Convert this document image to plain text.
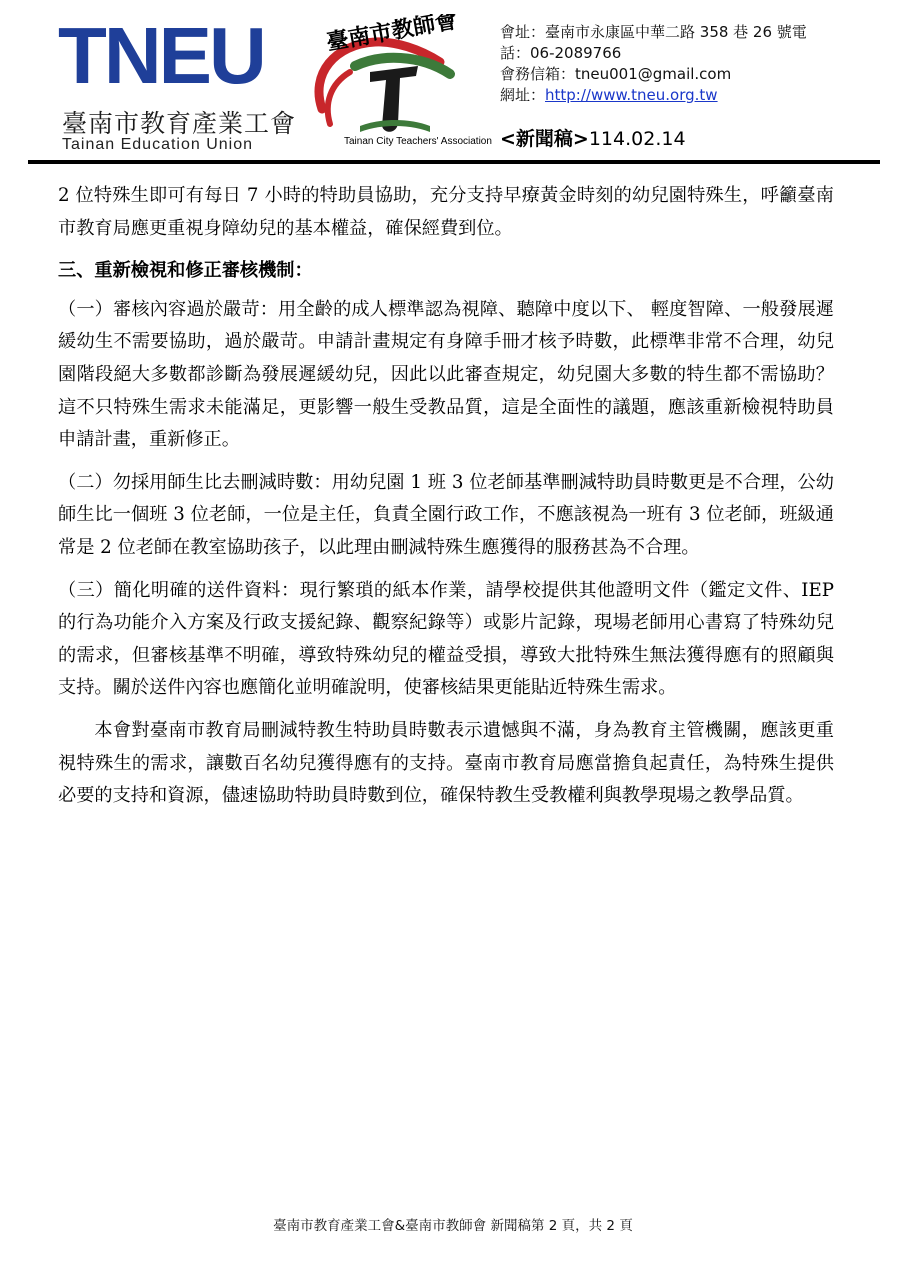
TNEU
臺南市教育產業工會
Tainan Education Union
臺南市教師會
Tainan City Teachers' Association
會址：臺南市永康區中華二路 358 巷 26 號電
話：06-2089766
會務信箱：tneu001@gmail.com
網址：http://www.tneu.org.tw
<新聞稿>114.02.14

2 位特殊生即可有每日 7 小時的特助員協助，充分支持早療黃金時刻的幼兒園特殊生，呼籲臺南市教育局應更重視身障幼兒的基本權益，確保經費到位。

三、重新檢視和修正審核機制：

（一）審核內容過於嚴苛：用全齡的成人標準認為視障、聽障中度以下、 輕度智障、一般發展遲緩幼生不需要協助，過於嚴苛。申請計畫規定有身障手冊才核予時數，此標準非常不合理，幼兒園階段絕大多數都診斷為發展遲緩幼兒，因此以此審查規定，幼兒園大多數的特生都不需協助？這不只特殊生需求未能滿足，更影響一般生受教品質，這是全面性的議題，應該重新檢視特助員申請計畫，重新修正。

（二）勿採用師生比去刪減時數：用幼兒園 1 班 3 位老師基準刪減特助員時數更是不合理，公幼師生比一個班 3 位老師，一位是主任，負責全園行政工作，不應該視為一班有 3 位老師，班級通常是 2 位老師在教室協助孩子，以此理由刪減特殊生應獲得的服務甚為不合理。

（三）簡化明確的送件資料：現行繁瑣的紙本作業，請學校提供其他證明文件（鑑定文件、IEP 的行為功能介入方案及行政支援紀錄、觀察紀錄等）或影片記錄，現場老師用心書寫了特殊幼兒的需求，但審核基準不明確，導致特殊幼兒的權益受損，導致大批特殊生無法獲得應有的照顧與支持。關於送件內容也應簡化並明確說明，使審核結果更能貼近特殊生需求。

本會對臺南市教育局刪減特教生特助員時數表示遺憾與不滿，身為教育主管機關，應該更重視特殊生的需求，讓數百名幼兒獲得應有的支持。臺南市教育局應當擔負起責任，為特殊生提供必要的支持和資源，儘速協助特助員時數到位，確保特教生受教權利與教學現場之教學品質。

臺南市教育產業工會&臺南市教師會 新聞稿第 2 頁，共 2 頁
